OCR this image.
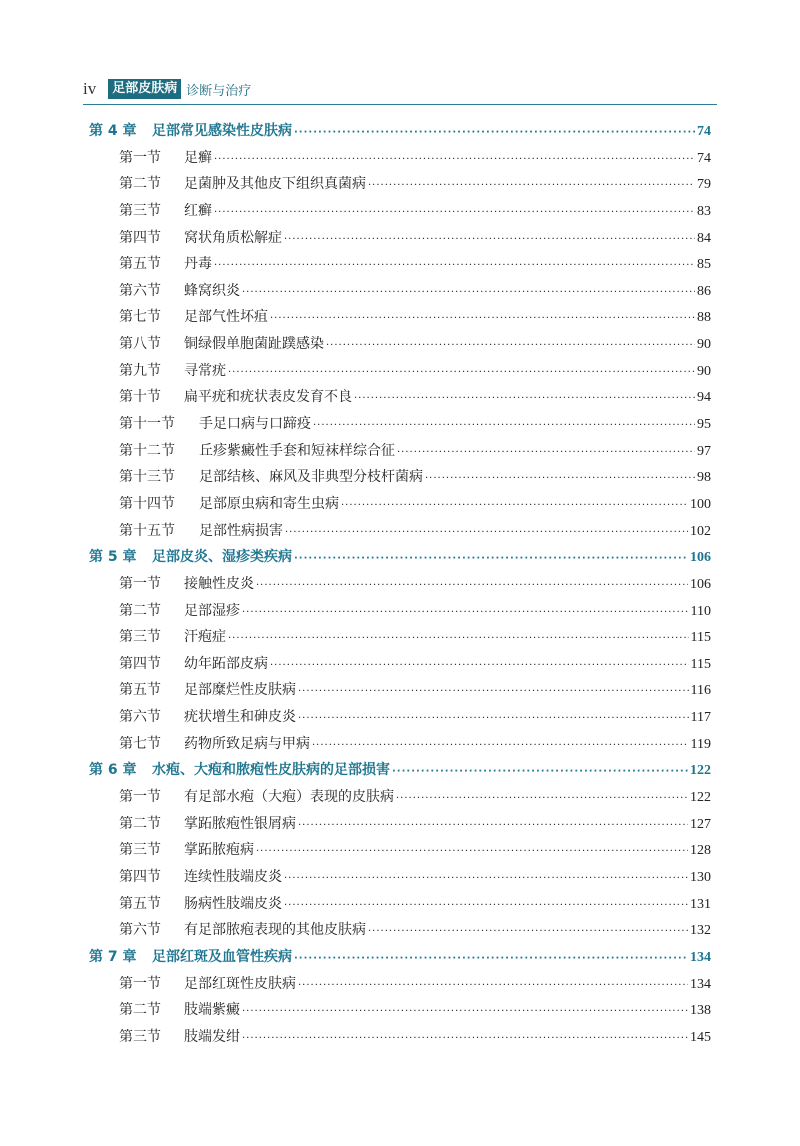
iv	足部皮肤病 诊断与治疗
第 4 章	足部常见感染性皮肤病 ·····	74
第一节	足癣 ·····	74
第二节	足菌肿及其他皮下组织真菌病 ·····	79
第三节	红癣 ·····	83
第四节	窝状角质松解症 ·····	84
第五节	丹毒 ·····	85
第六节	蜂窝织炎 ·····	86
第七节	足部气性坏疽 ·····	88
第八节	铜绿假单胞菌趾蹼感染 ·····	90
第九节	寻常疣 ·····	90
第十节	扁平疣和疣状表皮发育不良 ·····	94
第十一节	手足口病与口蹄疫 ·····	95
第十二节	丘疹紫癜性手套和短袜样综合征 ·····	97
第十三节	足部结核、麻风及非典型分枝杆菌病 ·····	98
第十四节	足部原虫病和寄生虫病 ·····	100
第十五节	足部性病损害 ·····	102
第 5 章	足部皮炎、湿疹类疾病 ·····	106
第一节	接触性皮炎 ·····	106
第二节	足部湿疹 ·····	110
第三节	汗疱症 ·····	115
第四节	幼年跖部皮病 ·····	115
第五节	足部糜烂性皮肤病 ·····	116
第六节	疣状增生和砷皮炎 ·····	117
第七节	药物所致足病与甲病 ·····	119
第 6 章	水疱、大疱和脓疱性皮肤病的足部损害 ·····	122
第一节	有足部水疱（大疱）表现的皮肤病 ·····	122
第二节	掌跖脓疱性银屑病 ·····	127
第三节	掌跖脓疱病 ·····	128
第四节	连续性肢端皮炎 ·····	130
第五节	肠病性肢端皮炎 ·····	131
第六节	有足部脓疱表现的其他皮肤病 ·····	132
第 7 章	足部红斑及血管性疾病 ·····	134
第一节	足部红斑性皮肤病 ·····	134
第二节	肢端紫癜 ·····	138
第三节	肢端发绀 ·····	145
